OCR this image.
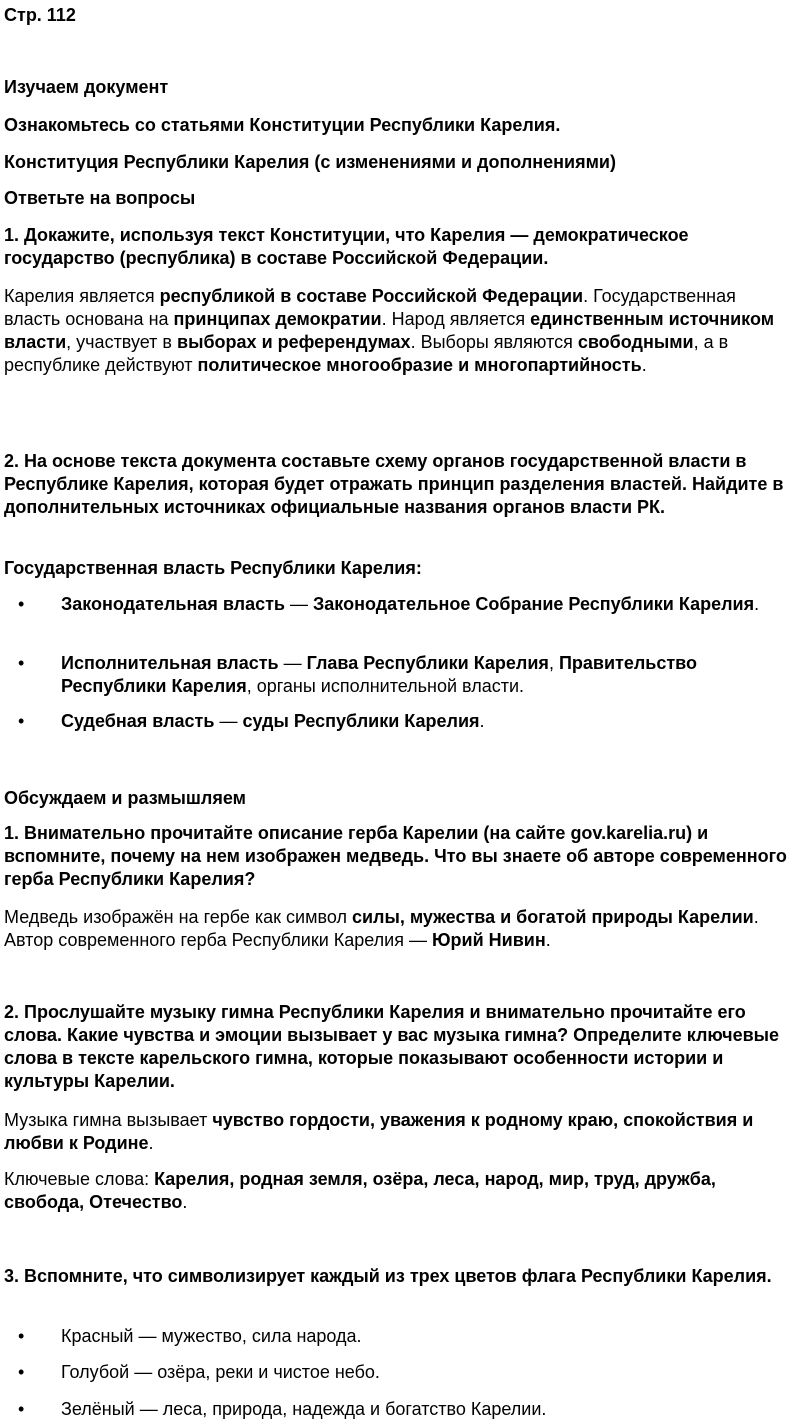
Стр. 112

Изучаем документ

Ознакомьтесь со статьями Конституции Республики Карелия.

Конституция Республики Карелия (с изменениями и дополнениями)

Ответьте на вопросы

1. Докажите, используя текст Конституции, что Карелия — демократическое государство (республика) в составе Российской Федерации.

Карелия является республикой в составе Российской Федерации. Государственная власть основана на принципах демократии. Народ является единственным источником власти, участвует в выборах и референдумах. Выборы являются свободными, а в республике действуют политическое многообразие и многопартийность.

2. На основе текста документа составьте схему органов государственной власти в Республике Карелия, которая будет отражать принцип разделения властей. Найдите в дополнительных источниках официальные названия органов власти РК.

Государственная власть Республики Карелия:

• Законодательная власть — Законодательное Собрание Республики Карелия.

• Исполнительная власть — Глава Республики Карелия, Правительство Республики Карелия, органы исполнительной власти.

• Судебная власть — суды Республики Карелия.

Обсуждаем и размышляем

1. Внимательно прочитайте описание герба Карелии (на сайте gov.karelia.ru) и вспомните, почему на нем изображен медведь. Что вы знаете об авторе современного герба Республики Карелия?

Медведь изображён на гербе как символ силы, мужества и богатой природы Карелии. Автор современного герба Республики Карелия — Юрий Нивин.

2. Прослушайте музыку гимна Республики Карелия и внимательно прочитайте его слова. Какие чувства и эмоции вызывает у вас музыка гимна? Определите ключевые слова в тексте карельского гимна, которые показывают особенности истории и культуры Карелии.

Музыка гимна вызывает чувство гордости, уважения к родному краю, спокойствия и любви к Родине.

Ключевые слова: Карелия, родная земля, озёра, леса, народ, мир, труд, дружба, свобода, Отечество.

3. Вспомните, что символизирует каждый из трех цветов флага Республики Карелия.

• Красный — мужество, сила народа.

• Голубой — озёра, реки и чистое небо.

• Зелёный — леса, природа, надежда и богатство Карелии.
